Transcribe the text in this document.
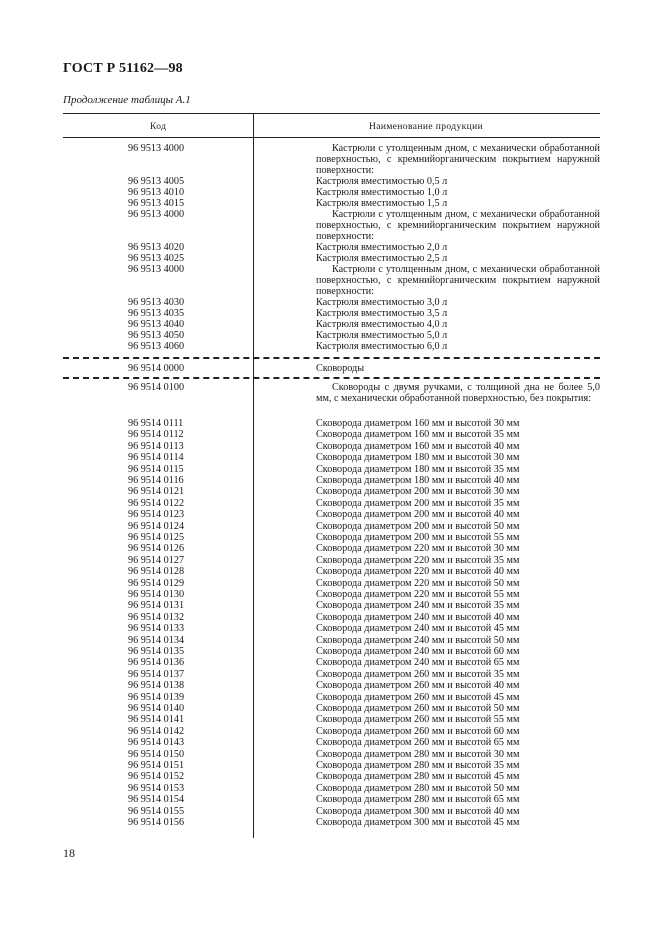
ГОСТ Р 51162—98
Продолжение таблицы А.1
Код	Наименование продукции
96 9513 4000	Кастрюли с утолщенным дном, с механически обработанной поверхностью, с кремнийорганическим покрытием наружной поверхности:
96 9513 4005	Кастрюля вместимостью 0,5 л
96 9513 4010	Кастрюля вместимостью 1,0 л
96 9513 4015	Кастрюля вместимостью 1,5 л
96 9513 4000	Кастрюли с утолщенным дном, с механически обработанной поверхностью, с кремнийорганическим покрытием наружной поверхности:
96 9513 4020	Кастрюля вместимостью 2,0 л
96 9513 4025	Кастрюля вместимостью 2,5 л
96 9513 4000	Кастрюли с утолщенным дном, с механически обработанной поверхностью, с кремнийорганическим покрытием наружной поверхности:
96 9513 4030	Кастрюля вместимостью 3,0 л
96 9513 4035	Кастрюля вместимостью 3,5 л
96 9513 4040	Кастрюля вместимостью 4,0 л
96 9513 4050	Кастрюля вместимостью 5,0 л
96 9513 4060	Кастрюля вместимостью 6,0 л
96 9514 0000	Сковороды
96 9514 0100	Сковороды с двумя ручками, с толщиной дна не более 5,0 мм, с механически обработанной поверхностью, без покрытия:
96 9514 0111	Сковорода диаметром 160 мм и высотой 30 мм
96 9514 0112	Сковорода диаметром 160 мм и высотой 35 мм
96 9514 0113	Сковорода диаметром 160 мм и высотой 40 мм
96 9514 0114	Сковорода диаметром 180 мм и высотой 30 мм
96 9514 0115	Сковорода диаметром 180 мм и высотой 35 мм
96 9514 0116	Сковорода диаметром 180 мм и высотой 40 мм
96 9514 0121	Сковорода диаметром 200 мм и высотой 30 мм
96 9514 0122	Сковорода диаметром 200 мм и высотой 35 мм
96 9514 0123	Сковорода диаметром 200 мм и высотой 40 мм
96 9514 0124	Сковорода диаметром 200 мм и высотой 50 мм
96 9514 0125	Сковорода диаметром 200 мм и высотой 55 мм
96 9514 0126	Сковорода диаметром 220 мм и высотой 30 мм
96 9514 0127	Сковорода диаметром 220 мм и высотой 35 мм
96 9514 0128	Сковорода диаметром 220 мм и высотой 40 мм
96 9514 0129	Сковорода диаметром 220 мм и высотой 50 мм
96 9514 0130	Сковорода диаметром 220 мм и высотой 55 мм
96 9514 0131	Сковорода диаметром 240 мм и высотой 35 мм
96 9514 0132	Сковорода диаметром 240 мм и высотой 40 мм
96 9514 0133	Сковорода диаметром 240 мм и высотой 45 мм
96 9514 0134	Сковорода диаметром 240 мм и высотой 50 мм
96 9514 0135	Сковорода диаметром 240 мм и высотой 60 мм
96 9514 0136	Сковорода диаметром 240 мм и высотой 65 мм
96 9514 0137	Сковорода диаметром 260 мм и высотой 35 мм
96 9514 0138	Сковорода диаметром 260 мм и высотой 40 мм
96 9514 0139	Сковорода диаметром 260 мм и высотой 45 мм
96 9514 0140	Сковорода диаметром 260 мм и высотой 50 мм
96 9514 0141	Сковорода диаметром 260 мм и высотой 55 мм
96 9514 0142	Сковорода диаметром 260 мм и высотой 60 мм
96 9514 0143	Сковорода диаметром 260 мм и высотой 65 мм
96 9514 0150	Сковорода диаметром 280 мм и высотой 30 мм
96 9514 0151	Сковорода диаметром 280 мм и высотой 35 мм
96 9514 0152	Сковорода диаметром 280 мм и высотой 45 мм
96 9514 0153	Сковорода диаметром 280 мм и высотой 50 мм
96 9514 0154	Сковорода диаметром 280 мм и высотой 65 мм
96 9514 0155	Сковорода диаметром 300 мм и высотой 40 мм
96 9514 0156	Сковорода диаметром 300 мм и высотой 45 мм
18
